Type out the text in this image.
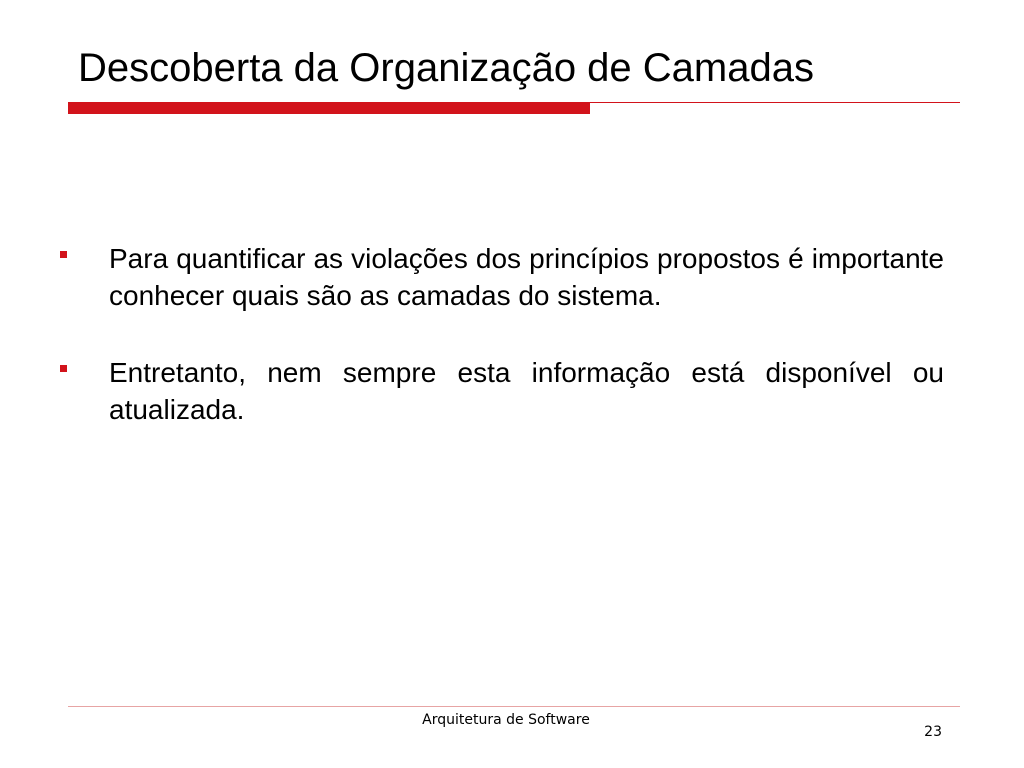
Descoberta da Organização de Camadas
Para quantificar as violações dos princípios propostos é importante conhecer quais são as camadas do sistema.
Entretanto, nem sempre esta informação está disponível ou atualizada.
Arquitetura de Software
23
